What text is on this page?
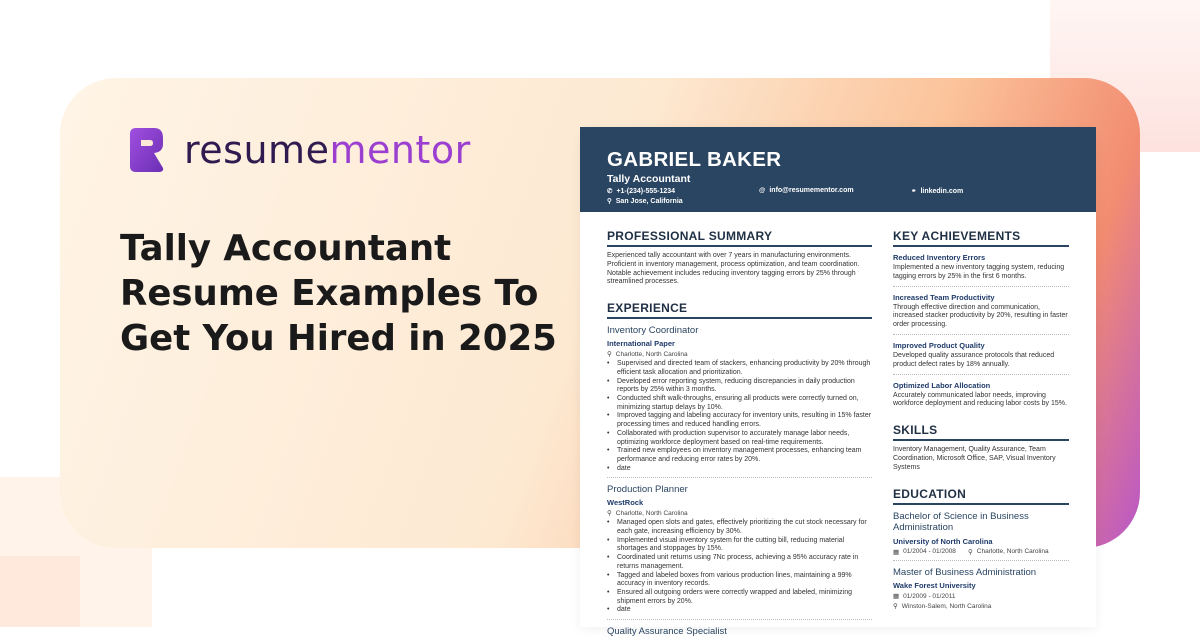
resumementor
Tally Accountant Resume Examples To Get You Hired in 2025
GABRIEL BAKER
Tally Accountant
✆ +1-(234)-555-1234	@ info@resumementor.com	⚭ linkedin.com
⚲ San Jose, California
PROFESSIONAL SUMMARY
Experienced tally accountant with over 7 years in manufacturing environments. Proficient in inventory management, process optimization, and team coordination. Notable achievement includes reducing inventory tagging errors by 25% through streamlined processes.
EXPERIENCE
Inventory Coordinator
International Paper
⚲ Charlotte, North Carolina
• Supervised and directed team of stackers, enhancing productivity by 20% through efficient task allocation and prioritization.
• Developed error reporting system, reducing discrepancies in daily production reports by 25% within 3 months.
• Conducted shift walk-throughs, ensuring all products were correctly turned on, minimizing startup delays by 10%.
• Improved tagging and labeling accuracy for inventory units, resulting in 15% faster processing times and reduced handling errors.
• Collaborated with production supervisor to accurately manage labor needs, optimizing workforce deployment based on real-time requirements.
• Trained new employees on inventory management processes, enhancing team performance and reducing error rates by 20%.
• date
Production Planner
WestRock
⚲ Charlotte, North Carolina
• Managed open slots and gates, effectively prioritizing the cut stock necessary for each gate, increasing efficiency by 30%.
• Implemented visual inventory system for the cutting bill, reducing material shortages and stoppages by 15%.
• Coordinated unit returns using 7Nc process, achieving a 95% accuracy rate in returns management.
• Tagged and labeled boxes from various production lines, maintaining a 99% accuracy in inventory records.
• Ensured all outgoing orders were correctly wrapped and labeled, minimizing shipment errors by 20%.
• date
Quality Assurance Specialist
KEY ACHIEVEMENTS
Reduced Inventory Errors
Implemented a new inventory tagging system, reducing tagging errors by 25% in the first 6 months.
Increased Team Productivity
Through effective direction and communication, increased stacker productivity by 20%, resulting in faster order processing.
Improved Product Quality
Developed quality assurance protocols that reduced product defect rates by 18% annually.
Optimized Labor Allocation
Accurately communicated labor needs, improving workforce deployment and reducing labor costs by 15%.
SKILLS
Inventory Management, Quality Assurance, Team Coordination, Microsoft Office, SAP, Visual Inventory Systems
EDUCATION
Bachelor of Science in Business Administration
University of North Carolina
▦ 01/2004 - 01/2008 ⚲ Charlotte, North Carolina
Master of Business Administration
Wake Forest University
▦ 01/2009 - 01/2011
⚲ Winston-Salem, North Carolina
